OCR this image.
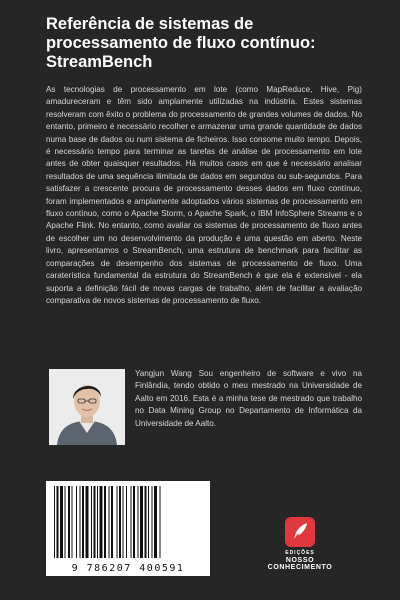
Referência de sistemas de processamento de fluxo contínuo: StreamBench

As tecnologias de processamento em lote (como MapReduce, Hive, Pig) amadureceram e têm sido amplamente utilizadas na indústria. Estes sistemas resolveram com êxito o problema do processamento de grandes volumes de dados. No entanto, primeiro é necessário recolher e armazenar uma grande quantidade de dados numa base de dados ou num sistema de ficheiros. Isso consome muito tempo. Depois, é necessário tempo para terminar as tarefas de análise de processamento em lote antes de obter quaisquer resultados. Há muitos casos em que é necessário analisar resultados de uma sequência ilimitada de dados em segundos ou sub-segundos. Para satisfazer a crescente procura de processamento desses dados em fluxo contínuo, foram implementados e amplamente adoptados vários sistemas de processamento em fluxo contínuo, como o Apache Storm, o Apache Spark, o IBM InfoSphere Streams e o Apache Flink. No entanto, como avaliar os sistemas de processamento de fluxo antes de escolher um no desenvolvimento da produção é uma questão em aberto. Neste livro, apresentamos o StreamBench, uma estrutura de benchmark para facilitar as comparações de desempenho dos sistemas de processamento de fluxo. Uma caraterística fundamental da estrutura do StreamBench é que ela é extensível - ela suporta a definição fácil de novas cargas de trabalho, além de facilitar a avaliação comparativa de novos sistemas de processamento de fluxo.

Yangjun Wang Sou engenheiro de software e vivo na Finlândia, tendo obtido o meu mestrado na Universidade de Aalto em 2016. Esta é a minha tese de mestrado que trabalho no Data Mining Group no Departamento de Informática da Universidade de Aalto.

9 786207 400591
EDIÇÕES
NOSSO CONHECIMENTO
